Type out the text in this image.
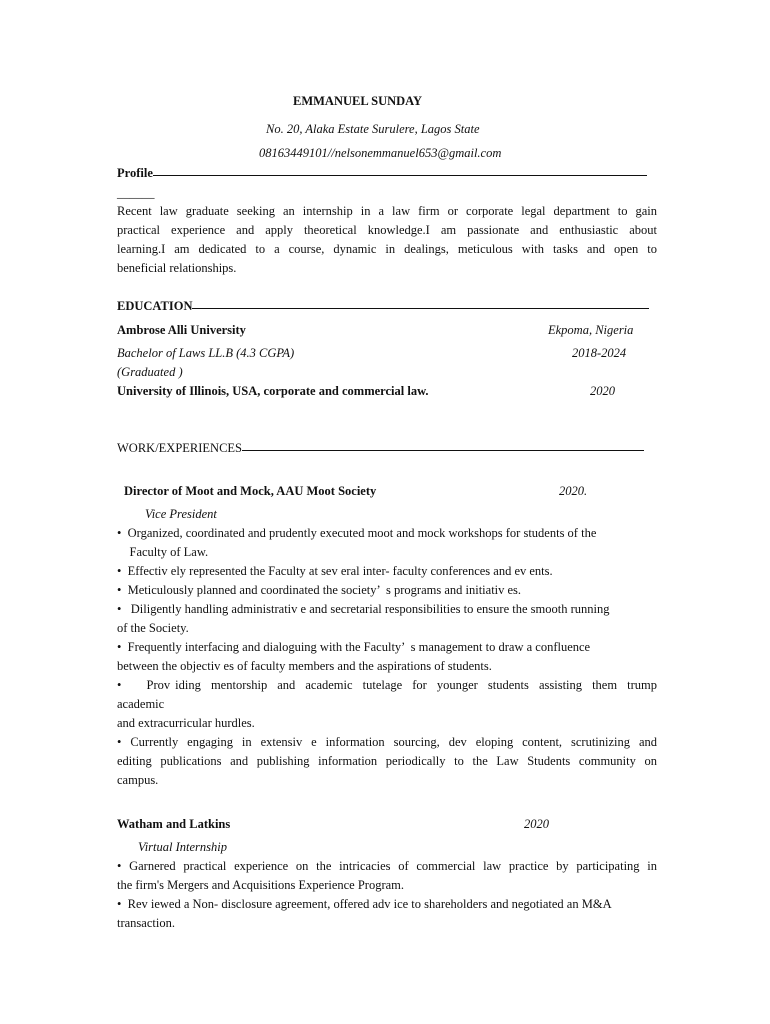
EMMANUEL SUNDAY
No. 20, Alaka Estate Surulere, Lagos State
08163449101//nelsonemmanuel653@gmail.com
Profile
______
Recent law graduate seeking an internship in a law firm or corporate legal department to gain
practical experience and apply theoretical knowledge.I am passionate and enthusiastic about
learning.I am dedicated to a course, dynamic in dealings, meticulous with tasks and open to
beneficial relationships.
EDUCATION
Ambrose Alli University	Ekpoma, Nigeria
Bachelor of Laws LL.B (4.3 CGPA)	2018-2024
(Graduated )
University of Illinois, USA, corporate and commercial law.	2020
WORK/EXPERIENCES
Director of Moot and Mock, AAU Moot Society	2020.
Vice President
•  Organized, coordinated and prudently executed moot and mock workshops for students of the
Faculty of Law.
•  Effectiv ely represented the Faculty at sev eral inter- faculty conferences and ev ents.
•  Meticulously planned and coordinated the society’  s programs and initiativ es.
•   Diligently handling administrativ e and secretarial responsibilities to ensure the smooth running
of the Society.
•  Frequently interfacing and dialoguing with the Faculty’  s management to draw a confluence
between the objectiv es of faculty members and the aspirations of students.
•     Prov iding  mentorship  and  academic  tutelage  for  younger  students  assisting  them  trump
academic
and extracurricular hurdles.
• Currently engaging in extensiv e information sourcing, dev eloping content, scrutinizing and
editing publications and publishing information periodically to the Law Students community on
campus.
Watham and Latkins	2020
Virtual Internship
• Garnered practical experience on the intricacies of commercial law practice by participating in
the firm's Mergers and Acquisitions Experience Program.
•  Rev iewed a Non- disclosure agreement, offered adv ice to shareholders and negotiated an M&A
transaction.
